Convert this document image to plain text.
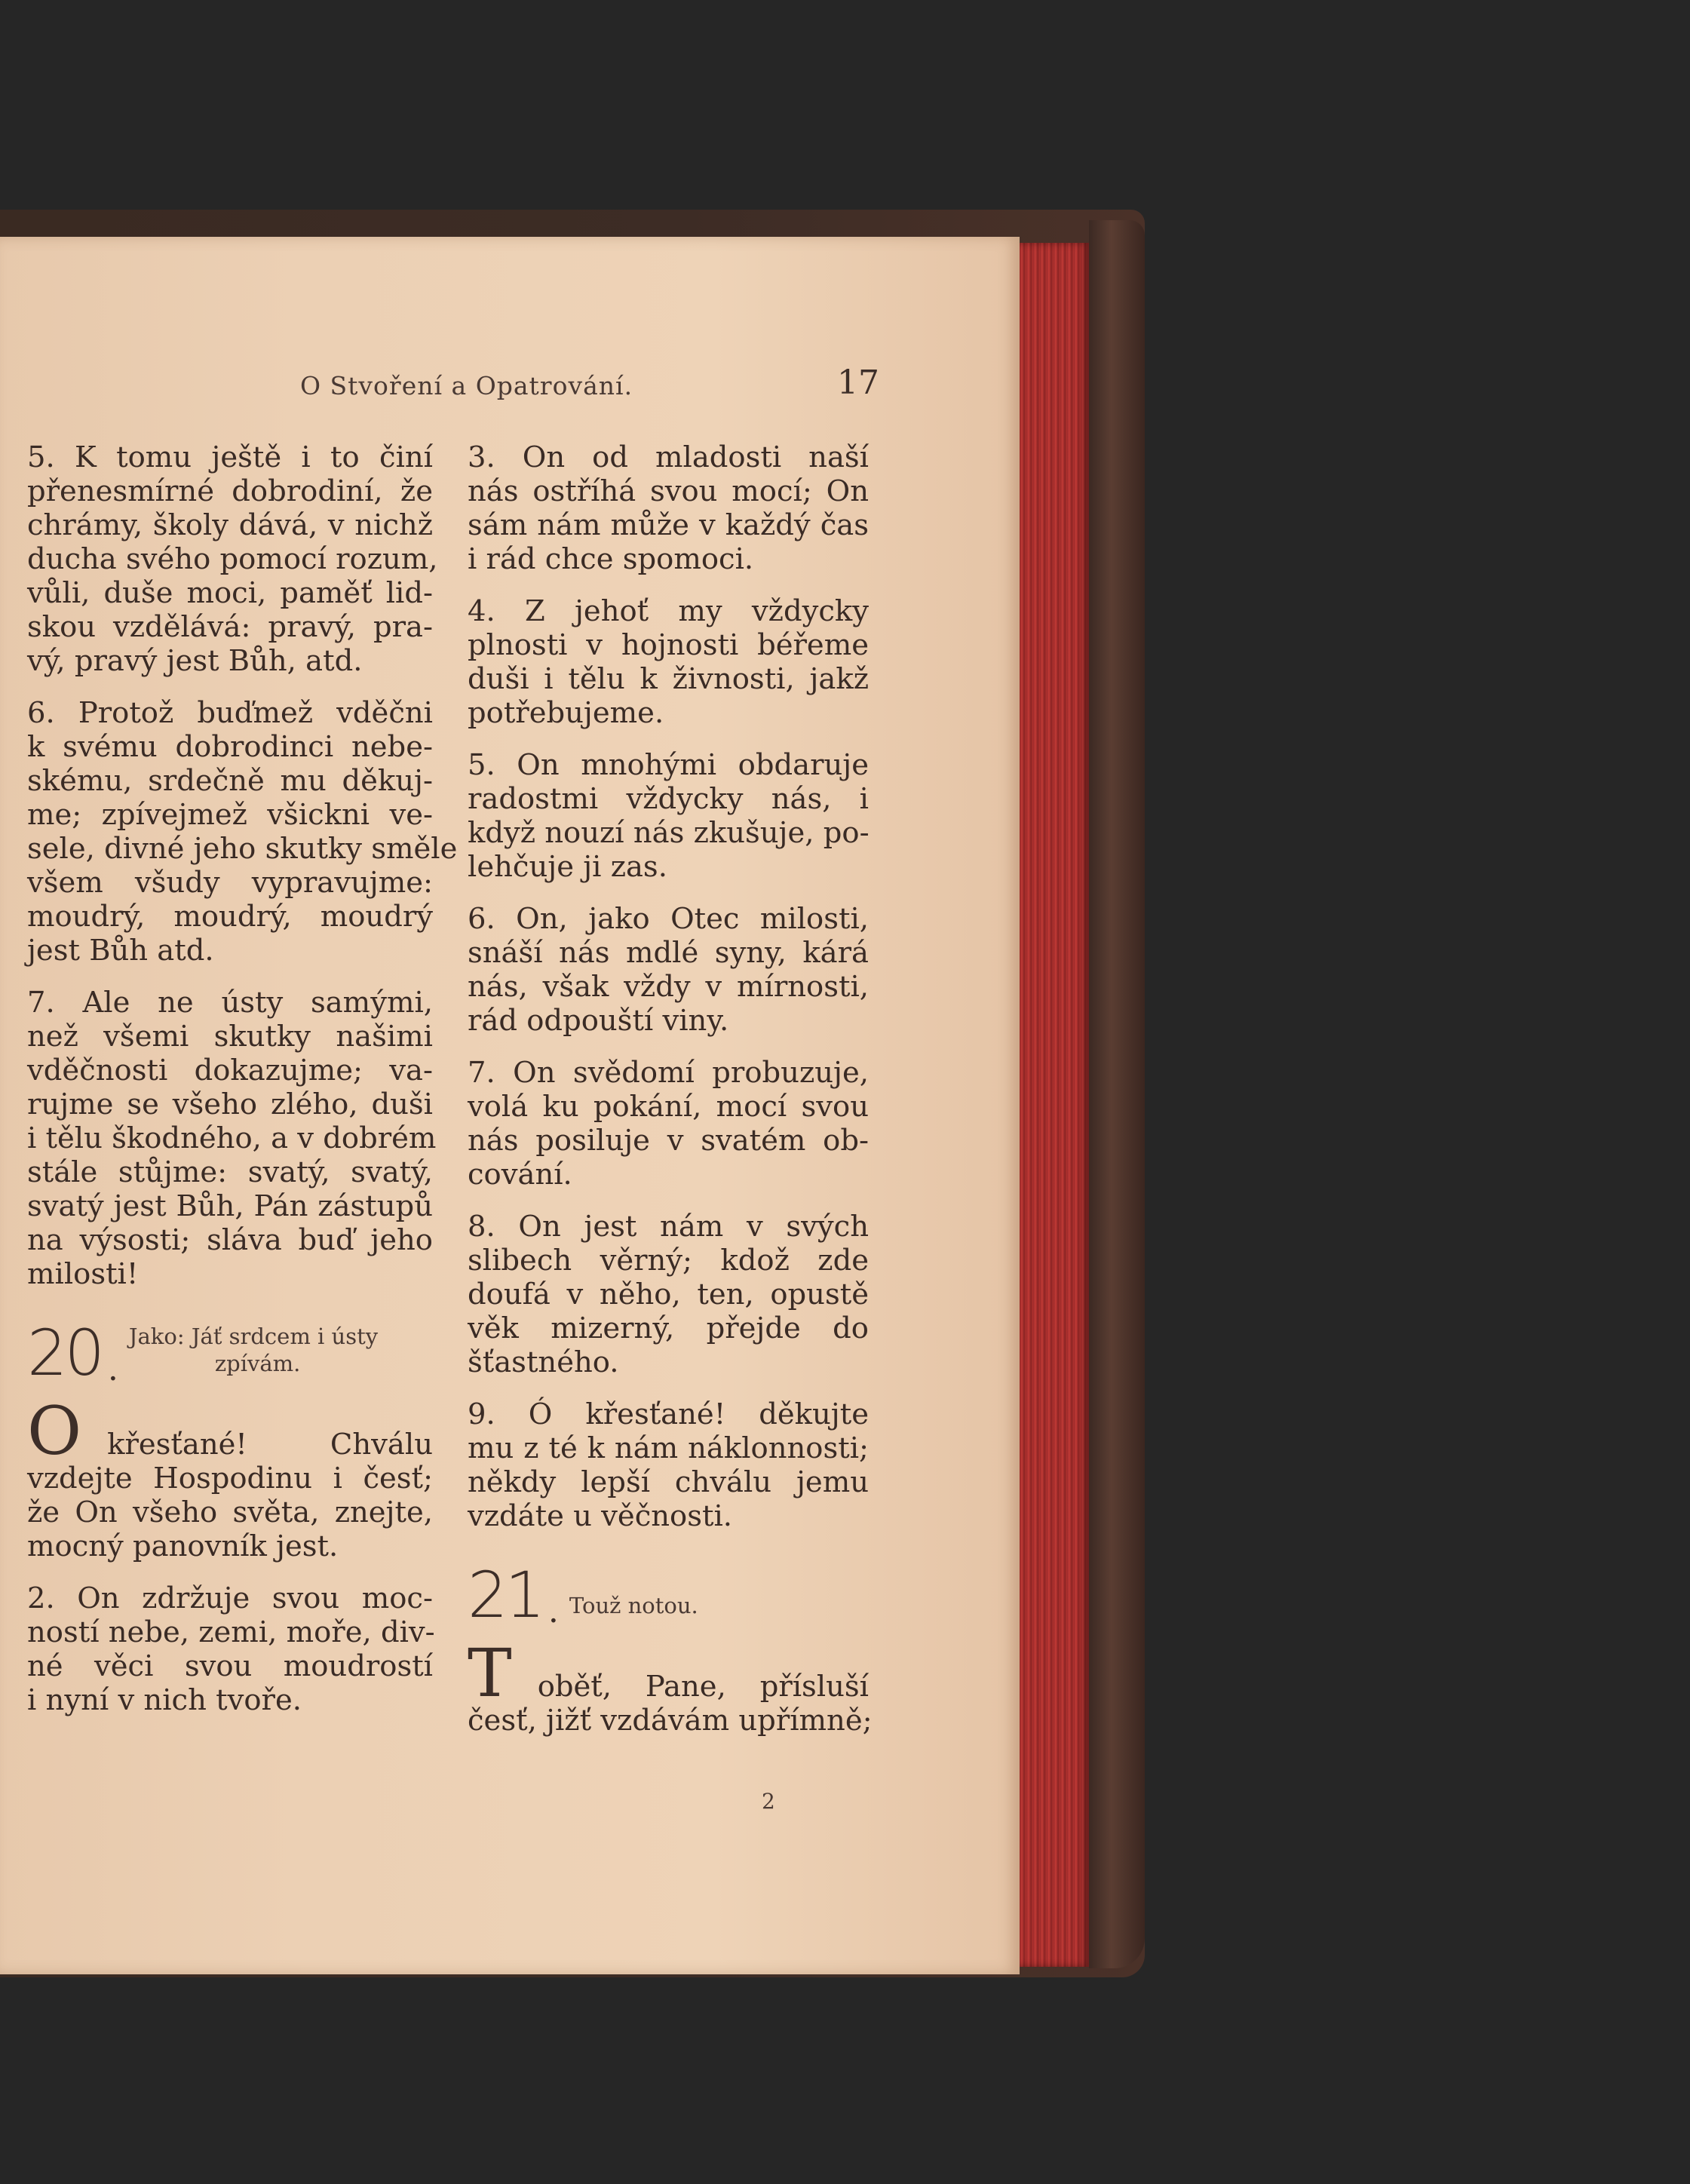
O Stvoření a Opatrování.	17
5. K tomu ještě i to činí
přenesmírné dobrodiní, že
chrámy, školy dává, v nichž
ducha svého pomocí rozum,
vůli, duše moci, paměť lid-
skou vzdělává: pravý, pra-
vý, pravý jest Bůh, atd.
6. Protož buďmež vděčni
k svému dobrodinci nebe-
skému, srdečně mu děkuj-
me; zpívejmež všickni ve-
sele, divné jeho skutky směle
všem všudy vypravujme:
moudrý, moudrý, moudrý
jest Bůh atd.
7. Ale ne ústy samými,
než všemi skutky našimi
vděčnosti dokazujme; va-
rujme se všeho zlého, duši
i tělu škodného, a v dobrém
stále stůjme: svatý, svatý,
svatý jest Bůh, Pán zástupů
na výsosti; sláva buď jeho
milosti!
20 .
Jako: Jáť srdcem i ústy
zpívám.
O křesťané! Chválu
vzdejte Hospodinu i česť;
že On všeho světa, znejte,
mocný panovník jest.
2. On zdržuje svou moc-
ností nebe, zemi, moře, div-
né věci svou moudrostí
i nyní v nich tvoře.
3. On od mladosti naší
nás ostříhá svou mocí; On
sám nám může v každý čas
i rád chce spomoci.
4. Z jehoť my vždycky
plnosti v hojnosti béřeme
duši i tělu k živnosti, jakž
potřebujeme.
5. On mnohými obdaruje
radostmi vždycky nás, i
když nouzí nás zkušuje, po-
lehčuje ji zas.
6. On, jako Otec milosti,
snáší nás mdlé syny, kárá
nás, však vždy v mírnosti,
rád odpouští viny.
7. On svědomí probuzuje,
volá ku pokání, mocí svou
nás posiluje v svatém ob-
cování.
8. On jest nám v svých
slibech věrný; kdož zde
doufá v něho, ten, opustě
věk mizerný, přejde do
šťastného.
9. Ó křesťané! děkujte
mu z té k nám náklonnosti;
někdy lepší chválu jemu
vzdáte u věčnosti.
21 . Touž notou.
T oběť, Pane, přísluší
česť, jižť vzdávám upřímně;
2
